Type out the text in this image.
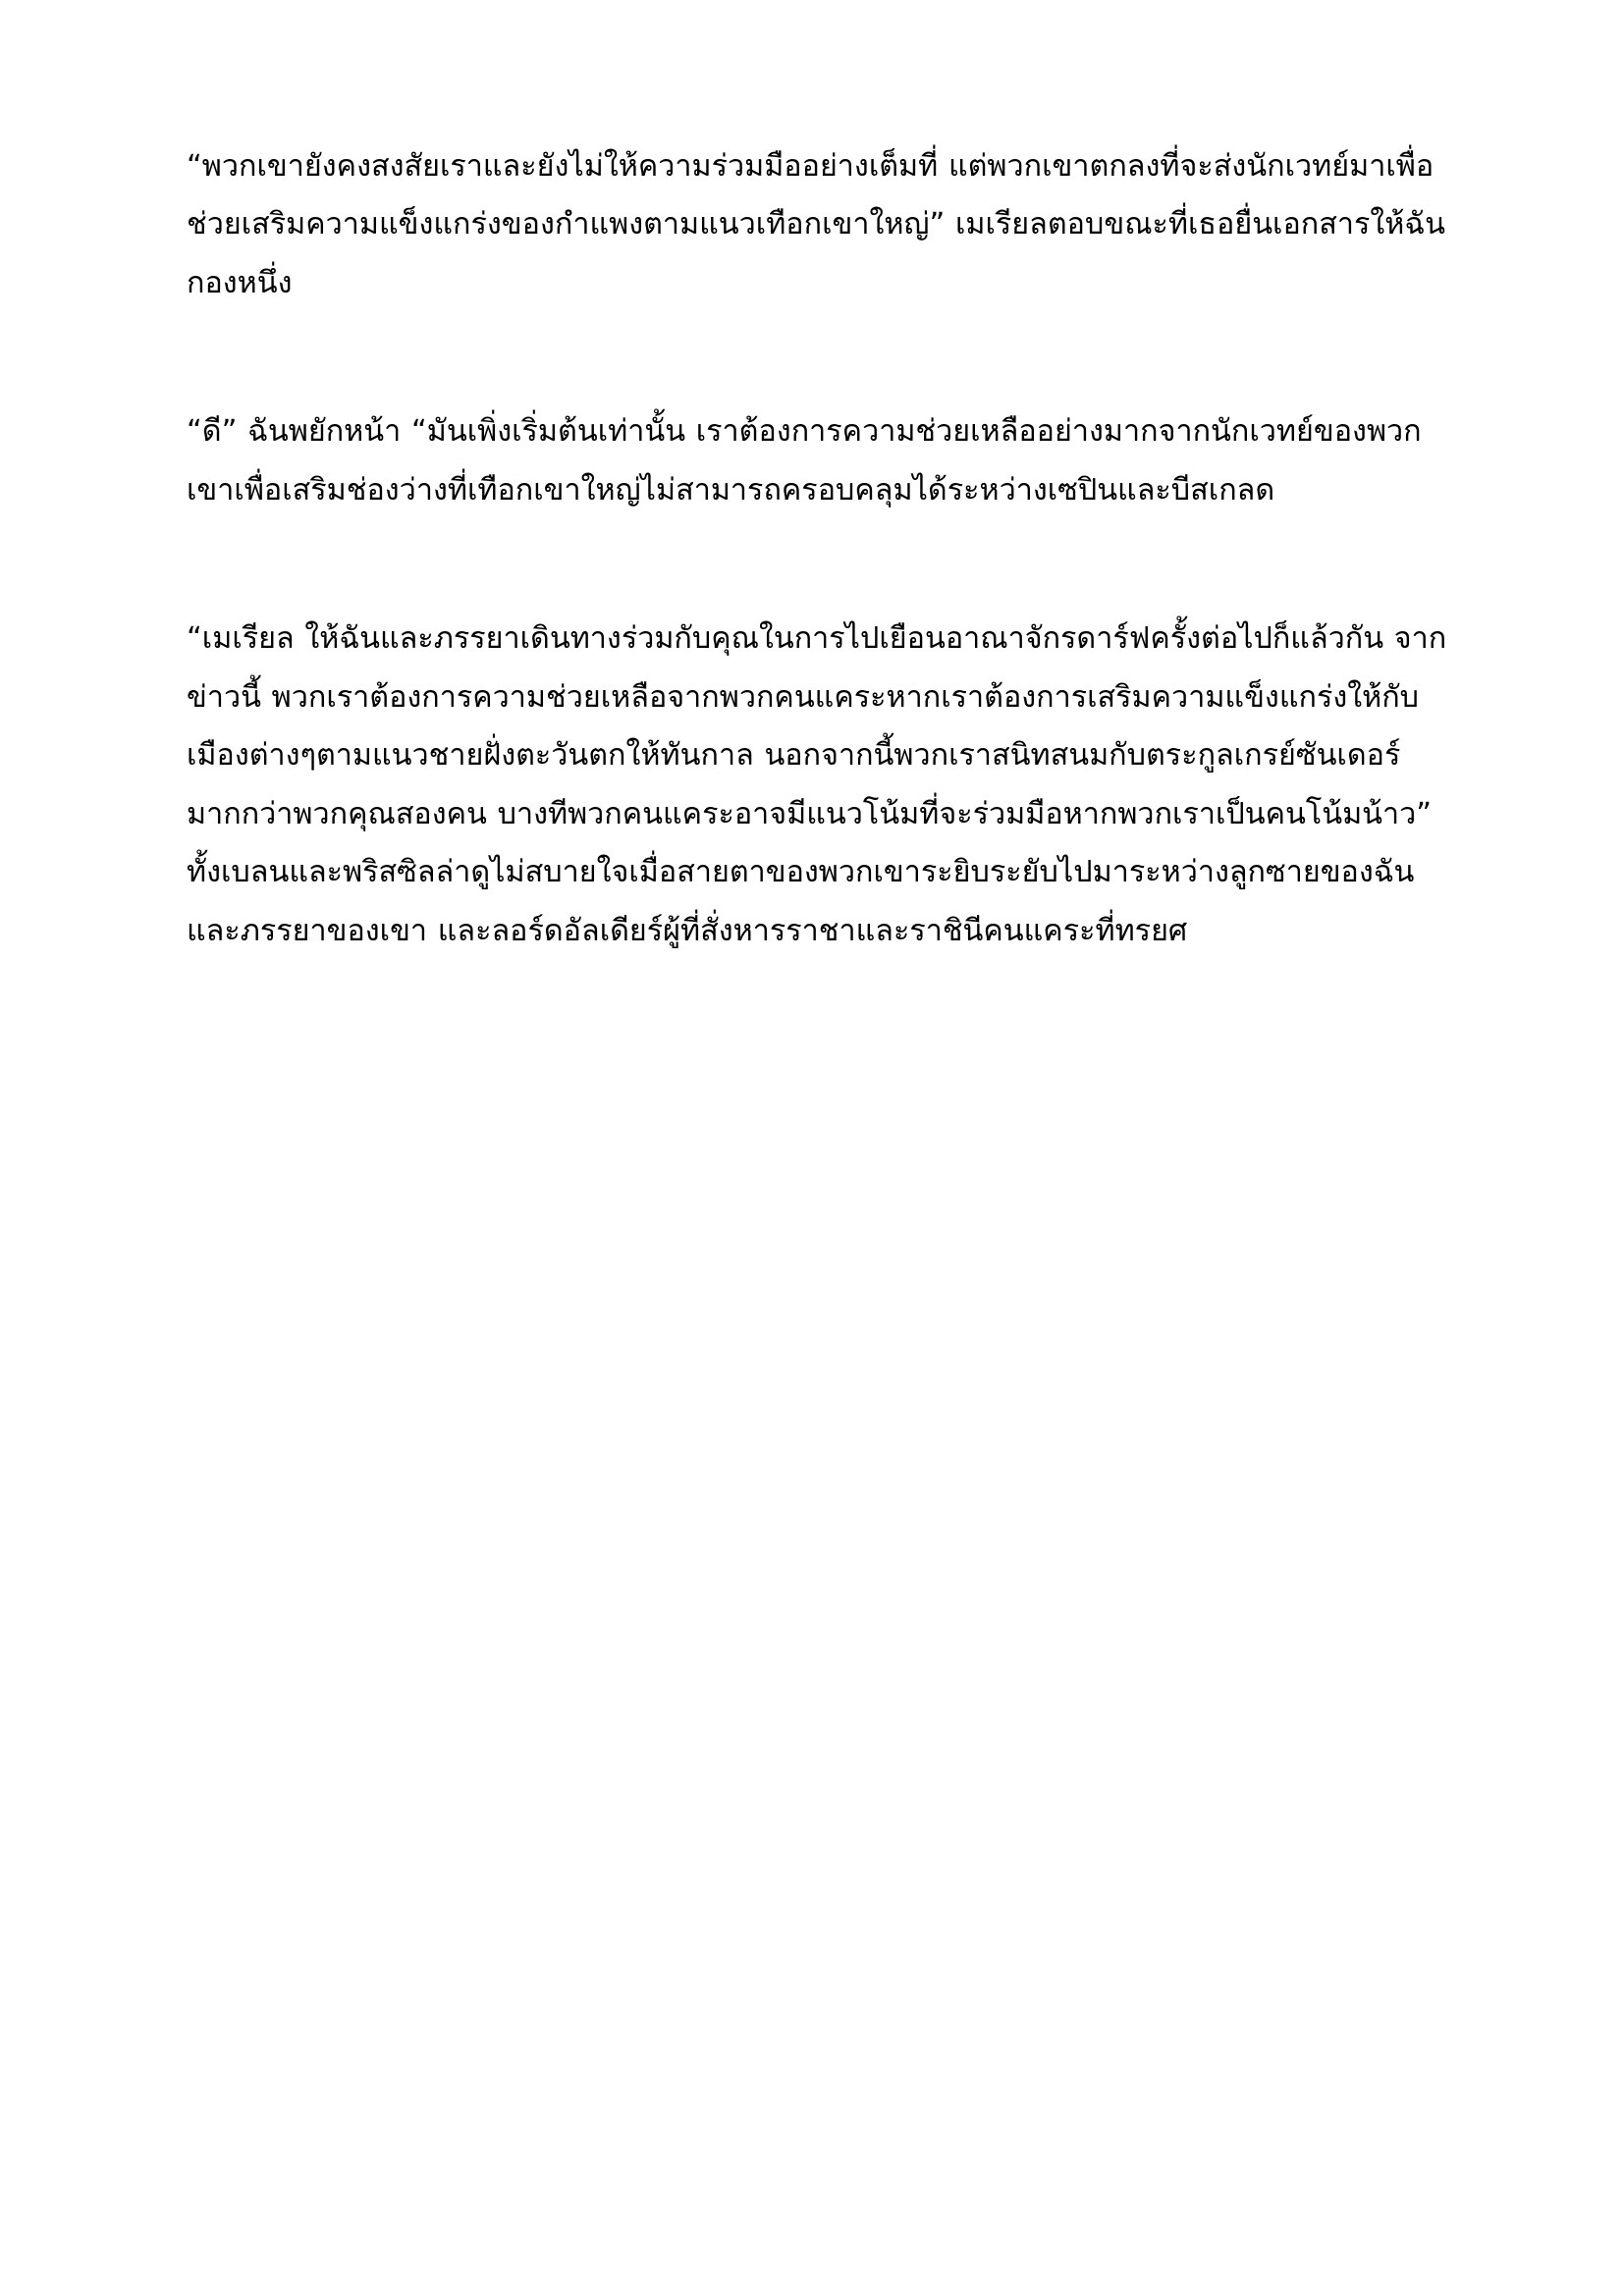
“พวกเขายังคงสงสัยเราและยังไม่ให้ความร่วมมืออย่างเต็มที่ แต่พวกเขาตกลงที่จะส่งนักเวทย์มาเพื่อช่วยเสริมความแข็งแกร่งของกำแพงตามแนวเทือกเขาใหญ่” เมเรียลตอบขณะที่เธอยื่นเอกสารให้ฉันกองหนึ่ง

“ดี” ฉันพยักหน้า “มันเพิ่งเริ่มต้นเท่านั้น เราต้องการความช่วยเหลืออย่างมากจากนักเวทย์ของพวกเขาเพื่อเสริมช่องว่างที่เทือกเขาใหญ่ไม่สามารถครอบคลุมได้ระหว่างเซปินและบีสเกลด

“เมเรียล ให้ฉันและภรรยาเดินทางร่วมกับคุณในการไปเยือนอาณาจักรดาร์ฟครั้งต่อไปก็แล้วกัน จากข่าวนี้ พวกเราต้องการความช่วยเหลือจากพวกคนแคระหากเราต้องการเสริมความแข็งแกร่งให้กับเมืองต่างๆตามแนวชายฝั่งตะวันตกให้ทันกาล นอกจากนี้พวกเราสนิทสนมกับตระกูลเกรย์ซันเดอร์มากกว่าพวกคุณสองคน บางทีพวกคนแคระอาจมีแนวโน้มที่จะร่วมมือหากพวกเราเป็นคนโน้มน้าว” ทั้งเบลนและพริสซิลล่าดูไม่สบายใจเมื่อสายตาของพวกเขาระยิบระยับไปมาระหว่างลูกซายของฉันและภรรยาของเขา และลอร์ดอัลเดียร์ผู้ที่สั่งหารราชาและราชินีคนแคระที่ทรยศ
